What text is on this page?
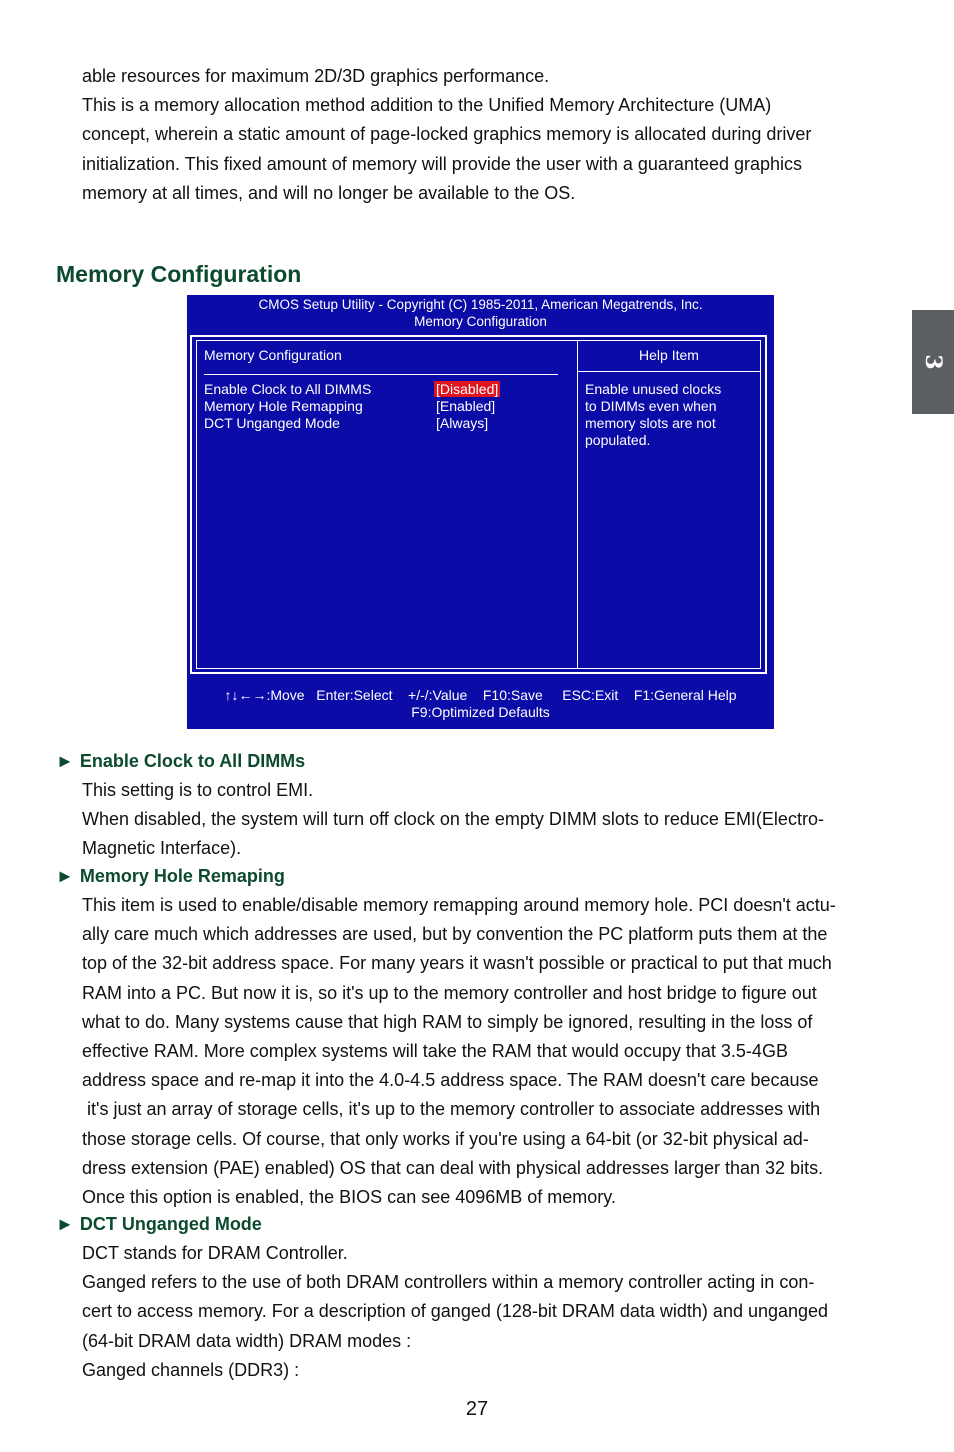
3
able resources for maximum 2D/3D graphics performance.
This is a memory allocation method addition to the Unified Memory Architecture (UMA)
concept, wherein a static amount of page-locked graphics memory is allocated during driver
initialization. This fixed amount of memory will provide the user with a guaranteed graphics
memory at all times, and will no longer be available to the OS.
Memory Configuration
CMOS Setup Utility - Copyright (C) 1985-2011, American Megatrends, Inc.
Memory Configuration
Memory Configuration	Help Item
Enable Clock to All DIMMS	[Disabled]
Memory Hole Remapping	[Enabled]
DCT Unganged Mode	[Always]
Enable unused clocks
to DIMMs even when
memory slots are not
populated.
↑↓←→:Move   Enter:Select    +/-/:Value    F10:Save     ESC:Exit    F1:General Help
F9:Optimized Defaults
► Enable Clock to All DIMMs
This setting is to control EMI.
When disabled, the system will turn off clock on the empty DIMM slots to reduce EMI(Electro-
Magnetic Interface).
► Memory Hole Remaping
This item is used to enable/disable memory remapping around memory hole. PCI doesn't actu-
ally care much which addresses are used, but by convention the PC platform puts them at the
top of the 32-bit address space. For many years it wasn't possible or practical to put that much
RAM into a PC. But now it is, so it's up to the memory controller and host bridge to figure out
what to do. Many systems cause that high RAM to simply be ignored, resulting in the loss of
effective RAM. More complex systems will take the RAM that would occupy that 3.5-4GB
address space and re-map it into the 4.0-4.5 address space. The RAM doesn't care because
it's just an array of storage cells, it's up to the memory controller to associate addresses with
those storage cells. Of course, that only works if you're using a 64-bit (or 32-bit physical ad-
dress extension (PAE) enabled) OS that can deal with physical addresses larger than 32 bits.
Once this option is enabled, the BIOS can see 4096MB of memory.
► DCT Unganged Mode
DCT stands for DRAM Controller.
Ganged refers to the use of both DRAM controllers within a memory controller acting in con-
cert to access memory. For a description of ganged (128-bit DRAM data width) and unganged
(64-bit DRAM data width) DRAM modes :
Ganged channels (DDR3) :
27
